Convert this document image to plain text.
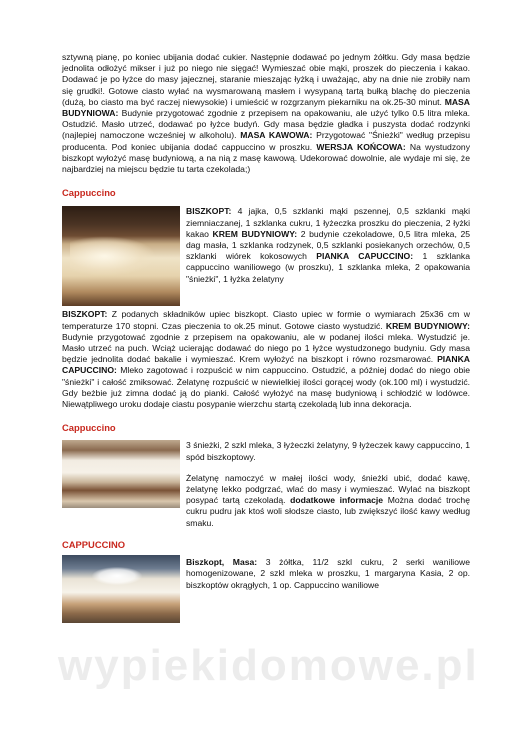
sztywną pianę, po koniec ubijania dodać cukier. Następnie dodawać po jednym żółtku. Gdy masa będzie jednolita odłożyć mikser i już po niego nie sięgać! Wymieszać obie mąki, proszek do pieczenia i kakao. Dodawać je po łyżce do masy jajecznej, staranie mieszając łyżką i uważając, aby na dnie nie zrobiły nam się grudki!. Gotowe ciasto wyłać na wysmarowaną masłem i wysypaną tartą bułką blachę do pieczenia (dużą, bo ciasto ma być raczej niewysokie) i umieścić w rozgrzanym piekarniku na ok.25-30 minut. MASA BUDYNIOWA: Budynie przygotować zgodnie z przepisem na opakowaniu, ale użyć tylko 0.5 litra mleka. Ostudzić. Masło utrzeć, dodawać po łyżce budyń. Gdy masa będzie gładka i puszysta dodać rodzynki (najlepiej namoczone wcześniej w alkoholu). MASA KAWOWA: Przygotować "Śnieżki" według przepisu producenta. Pod koniec ubijania dodać cappuccino w proszku. WERSJA KOŃCOWA: Na wystudzony biszkopt wyłożyć masę budyniową, a na nią z masę kawową. Udekorować dowolnie, ale wydaje mi się, że najbardziej na miejscu będzie tu tarta czekolada;)

Cappuccino

BISZKOPT: 4 jajka, 0,5 szklanki mąki pszennej, 0,5 szklanki mąki ziemniaczanej, 1 szklanka cukru, 1 łyżeczka proszku do pieczenia, 2 łyżki kakao KREM BUDYNIOWY: 2 budynie czekoladowe, 0,5 litra mleka, 25 dag masła, 1 szklanka rodzynek, 0,5 szklanki posiekanych orzechów, 0,5 szklanki wiórek kokosowych PIANKA CAPUCCINO: 1 szklanka cappuccino waniliowego (w proszku), 1 szklanka mleka, 2 opakowania "śnieżki", 1 łyżka żelatyny

BISZKOPT: Z podanych składników upiec biszkopt. Ciasto upiec w formie o wymiarach 25x36 cm w temperaturze 170 stopni. Czas pieczenia to ok.25 minut. Gotowe ciasto wystudzić. KREM BUDYNIOWY: Budynie przygotować zgodnie z przepisem na opakowaniu, ale w podanej ilości mleka. Wystudzić je. Masło utrzeć na puch. Wciąż ucierając dodawać do niego po 1 łyżce wystudzonego budyniu. Gdy masa będzie jednolita dodać bakalie i wymieszać. Krem wyłożyć na biszkopt i równo rozsmarować. PIANKA CAPUCCINO: Mleko zagotować i rozpuścić w nim cappuccino. Ostudzić, a później dodać do niego obie "śnieżki" i całość zmiksować. Żelatynę rozpuścić w niewielkiej ilości gorącej wody (ok.100 ml) i wystudzić. Gdy beżbie już zimna dodać ją do pianki. Całość wyłożyć na masę budyniową i schłodzić w lodówce. Niewątpliwego uroku dodaje ciastu posypanie wierzchu startą czekoladą lub inna dekoracja.

Cappuccino

3 śnieżki, 2 szkl mleka, 3 łyżeczki żelatyny, 9 łyżeczek kawy cappuccino, 1 spód biszkoptowy.

Żelatynę namoczyć w małej ilości wody, śnieżki ubić, dodać kawę, żelatynę lekko podgrzać, wlać do masy i wymieszać. Wylać na biszkopt posypać tartą czekoladą. dodatkowe informacje Można dodać trochę cukru pudru jak ktoś woli słodsze ciasto, lub zwiększyć ilość kawy według smaku.

CAPPUCCINO

Biszkopt, Masa: 3 żółtka, 11/2 szkl cukru, 2 serki waniliowe homogenizowane, 2 szkl mleka w proszku, 1 margaryna Kasia, 2 op. biszkoptów okrągłych, 1 op. Cappuccino waniliowe

wypiekidomowe.pl
